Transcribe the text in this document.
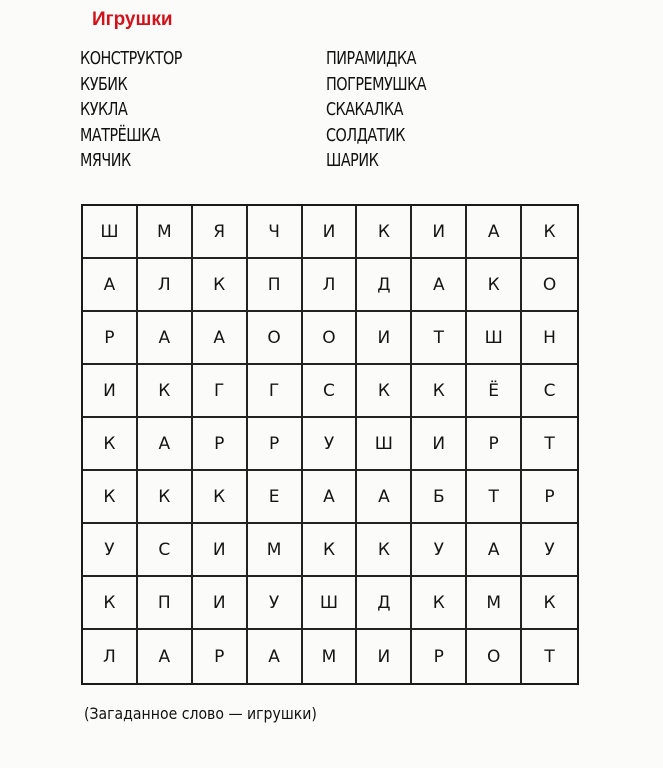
Игрушки
КОНСТРУКТОР
КУБИК
КУКЛА
МАТРЁШКА
МЯЧИК
ПИРАМИДКА
ПОГРЕМУШКА
СКАКАЛКА
СОЛДАТИК
ШАРИК
Ш	М	Я	Ч	И	К	И	А	К
А	Л	К	П	Л	Д	А	К	О
Р	А	А	О	О	И	Т	Ш	Н
И	К	Г	Г	С	К	К	Ё	С
К	А	Р	Р	У	Ш	И	Р	Т
К	К	К	Е	А	А	Б	Т	Р
У	С	И	М	К	К	У	А	У
К	П	И	У	Ш	Д	К	М	К
Л	А	Р	А	М	И	Р	О	Т
(Загаданное слово — игрушки)
